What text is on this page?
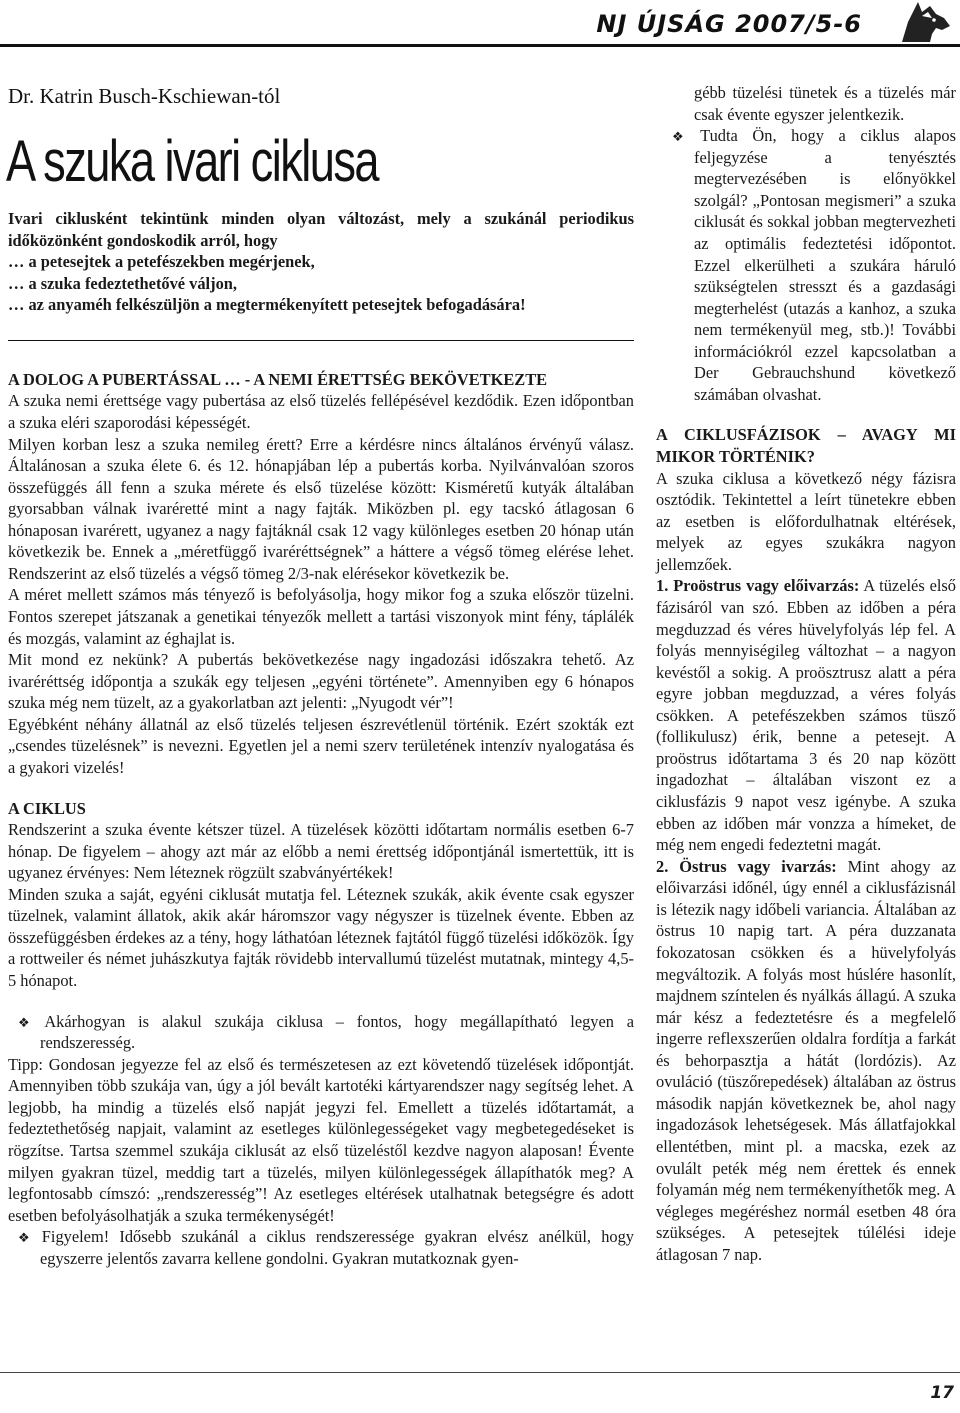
NJ ÚJSÁG 2007/5-6
Dr. Katrin Busch-Kschiewan-tól
A szuka ivari ciklusa

Ivari ciklusként tekintünk minden olyan változást, mely a szukánál periodikus időközönként gondoskodik arról, hogy

… a petesejtek a petefészekben megérjenek,

… a szuka fedeztethetővé váljon,

… az anyaméh felkészüljön a megtermékenyített petesejtek befogadására!

A DOLOG A PUBERTÁSSAL … - A NEMI ÉRETTSÉG BEKÖVETKEZTE

A szuka nemi érettsége vagy pubertása az első tüzelés fellépésével kezdődik. Ezen időpontban a szuka eléri szaporodási képességét.

Milyen korban lesz a szuka nemileg érett? Erre a kérdésre nincs általános érvényű válasz. Általánosan a szuka élete 6. és 12. hónapjában lép a pubertás korba. Nyilvánvalóan szoros összefüggés áll fenn a szuka mérete és első tüzelése között: Kisméretű kutyák általában gyorsabban válnak ivaréretté mint a nagy fajták. Miközben pl. egy tacskó átlagosan 6 hónaposan ivarérett, ugyanez a nagy fajtáknál csak 12 vagy különleges esetben 20 hónap után következik be. Ennek a „méretfüggő ivaréréttségnek” a háttere a végső tömeg elérése lehet. Rendszerint az első tüzelés a végső tömeg 2/3-nak elérésekor következik be.

A méret mellett számos más tényező is befolyásolja, hogy mikor fog a szuka először tüzelni. Fontos szerepet játszanak a genetikai tényezők mellett a tartási viszonyok mint fény, táplálék és mozgás, valamint az éghajlat is.

Mit mond ez nekünk? A pubertás bekövetkezése nagy ingadozási időszakra tehető. Az ivaréréttség időpontja a szukák egy teljesen „egyéni története”. Amennyiben egy 6 hónapos szuka még nem tüzelt, az a gyakorlatban azt jelenti: „Nyugodt vér”!

Egyébként néhány állatnál az első tüzelés teljesen észrevétlenül történik. Ezért szokták ezt „csendes tüzelésnek” is nevezni. Egyetlen jel a nemi szerv területének intenzív nyalogatása és a gyakori vizelés!

A CIKLUS

Rendszerint a szuka évente kétszer tüzel. A tüzelések közötti időtartam normális esetben 6-7 hónap. De figyelem – ahogy azt már az előbb a nemi érettség időpontjánál ismertettük, itt is ugyanez érvényes: Nem léteznek rögzült szabványértékek!

Minden szuka a saját, egyéni ciklusát mutatja fel. Léteznek szukák, akik évente csak egyszer tüzelnek, valamint állatok, akik akár háromszor vagy négyszer is tüzelnek évente. Ebben az összefüggésben érdekes az a tény, hogy láthatóan léteznek fajtától függő tüzelési időközök. Így a rottweiler és német juhászkutya fajták rövidebb intervallumú tüzelést mutatnak, mintegy 4,5-5 hónapot.

❖ Akárhogyan is alakul szukája ciklusa – fontos, hogy megállapítható legyen a rendszeresség.

Tipp: Gondosan jegyezze fel az első és természetesen az ezt követendő tüzelések időpontját. Amennyiben több szukája van, úgy a jól bevált kartotéki kártyarendszer nagy segítség lehet. A legjobb, ha mindig a tüzelés első napját jegyzi fel. Emellett a tüzelés időtartamát, a fedeztethetőség napjait, valamint az esetleges különlegességeket vagy megbetegedéseket is rögzítse. Tartsa szemmel szukája ciklusát az első tüzeléstől kezdve nagyon alaposan! Évente milyen gyakran tüzel, meddig tart a tüzelés, milyen különlegességek állapíthatók meg? A legfontosabb címszó: „rendszeresség”! Az esetleges eltérések utalhatnak betegségre és adott esetben befolyásolhatják a szuka termékenységét!

❖ Figyelem! Idősebb szukánál a ciklus rendszeressége gyakran elvész anélkül, hogy egyszerre jelentős zavarra kellene gondolni. Gyakran mutatkoznak gyen-

gébb tüzelési tünetek és a tüzelés már csak évente egyszer jelentkezik.

❖ Tudta Ön, hogy a ciklus alapos feljegyzése a tenyésztés megtervezésében is előnyökkel szolgál? „Pontosan megismeri” a szuka ciklusát és sokkal jobban megtervezheti az optimális fedeztetési időpontot. Ezzel elkerülheti a szukára háruló szükségtelen stresszt és a gazdasági megterhelést (utazás a kanhoz, a szuka nem termékenyül meg, stb.)! További információkról ezzel kapcsolatban a Der Gebrauchshund következő számában olvashat.

A CIKLUSFÁZISOK – AVAGY MI MIKOR TÖRTÉNIK?

A szuka ciklusa a következő négy fázisra osztódik. Tekintettel a leírt tünetekre ebben az esetben is előfordulhatnak eltérések, melyek az egyes szukákra nagyon jellemzőek.

1. Proöstrus vagy előivarzás: A tüzelés első fázisáról van szó. Ebben az időben a péra megduzzad és véres hüvelyfolyás lép fel. A folyás mennyiségileg változhat – a nagyon kevéstől a sokig. A proösztrusz alatt a péra egyre jobban megduzzad, a véres folyás csökken. A petefészekben számos tüsző (follikulusz) érik, benne a petesejt. A proöstrus időtartama 3 és 20 nap között ingadozhat – általában viszont ez a ciklusfázis 9 napot vesz igénybe. A szuka ebben az időben már vonzza a hímeket, de még nem engedi fedeztetni magát.

2. Östrus vagy ivarzás: Mint ahogy az előivarzási időnél, úgy ennél a ciklusfázisnál is létezik nagy időbeli variancia. Általában az östrus 10 napig tart. A péra duzzanata fokozatosan csökken és a hüvelyfolyás megváltozik. A folyás most húslére hasonlít, majdnem színtelen és nyálkás állagú. A szuka már kész a fedeztetésre és a megfelelő ingerre reflexszerűen oldalra fordítja a farkát és behorpasztja a hátát (lordózis). Az ovuláció (tüszőrepedések) általában az östrus második napján következnek be, ahol nagy ingadozások lehetségesek. Más állatfajokkal ellentétben, mint pl. a macska, ezek az ovulált peték még nem érettek és ennek folyamán még nem termékenyíthetők meg. A végleges megéréshez normál esetben 48 óra szükséges. A petesejtek túlélési ideje átlagosan 7 nap.

17
